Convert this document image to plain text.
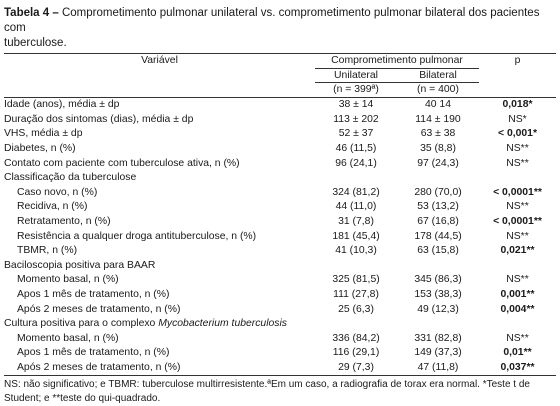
Tabela 4 – Comprometimento pulmonar unilateral vs. comprometimento pulmonar bilateral dos pacientes com
tuberculose.

Variável	Comprometimento pulmonar		p
	Unilateral	Bilateral	
	(n = 399ª)	(n = 400)	
Idade (anos), média ± dp	38 ± 14	40 14	0,018*
Duração dos sintomas (dias), média ± dp	113 ± 202	114 ± 190	NS*
VHS, média ± dp	52 ± 37	63 ± 38	< 0,001*
Diabetes, n (%)	46 (11,5)	35 (8,8)	NS**
Contato com paciente com tuberculose ativa, n (%)	96 (24,1)	97 (24,3)	NS**
Classificação da tuberculose			
Caso novo, n (%)	324 (81,2)	280 (70,0)	< 0,0001**
Recidiva, n (%)	44 (11,0)	53 (13,2)	NS**
Retratamento, n (%)	31 (7,8)	67 (16,8)	< 0,0001**
Resistência a qualquer droga antituberculose, n (%)	181 (45,4)	178 (44,5)	NS**
TBMR, n (%)	41 (10,3)	63 (15,8)	0,021**
Baciloscopia positiva para BAAR			
Momento basal, n (%)	325 (81,5)	345 (86,3)	NS**
Apos 1 mês de tratamento, n (%)	111 (27,8)	153 (38,3)	0,001**
Após 2 meses de tratamento, n (%)	25 (6,3)	49 (12,3)	0,004**
Cultura positiva para o complexo Mycobacterium tuberculosis			
Momento basal, n (%)	336 (84,2)	331 (82,8)	NS**
Apos 1 mês de tratamento, n (%)	116 (29,1)	149 (37,3)	0,01**
Após 2 meses de tratamento, n (%)	29 (7,3)	47 (11,8)	0,037**
NS: não significativo; e TBMR: tuberculose multirresistente.ªEm um caso, a radiografia de torax era normal. *Teste t de
Student; e **teste do qui-quadrado.
